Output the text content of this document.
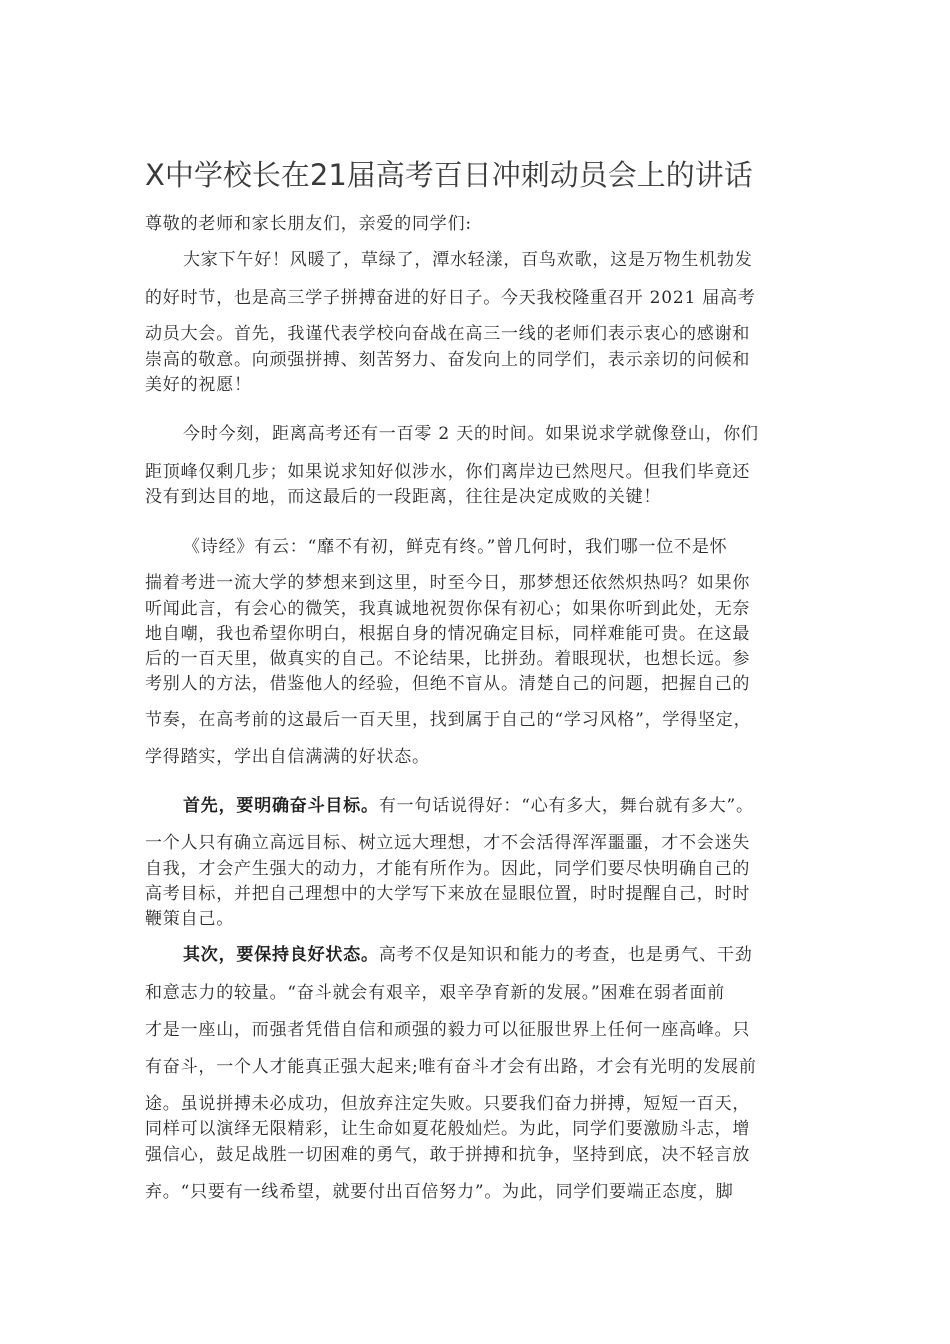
X中学校长在21届高考百日冲刺动员会上的讲话
尊敬的老师和家长朋友们，亲爱的同学们:
大家下午好！风暖了，草绿了，潭水轻漾，百鸟欢歌，这是万物生机勃发
的好时节，也是高三学子拼搏奋进的好日子。今天我校隆重召开 2021 届高考
动员大会。首先，我谨代表学校向奋战在高三一线的老师们表示衷心的感谢和
崇高的敬意。向顽强拼搏、刻苦努力、奋发向上的同学们，表示亲切的问候和
美好的祝愿！
今时今刻，距离高考还有一百零 2 天的时间。如果说求学就像登山，你们
距顶峰仅剩几步；如果说求知好似涉水，你们离岸边已然咫尺。但我们毕竟还
没有到达目的地，而这最后的一段距离，往往是决定成败的关键！
《诗经》有云：“靡不有初，鲜克有终。”曾几何时，我们哪一位不是怀
揣着考进一流大学的梦想来到这里，时至今日，那梦想还依然炽热吗？如果你
听闻此言，有会心的微笑，我真诚地祝贺你保有初心；如果你听到此处，无奈
地自嘲，我也希望你明白，根据自身的情况确定目标，同样难能可贵。在这最
后的一百天里，做真实的自己。不论结果，比拼劲。着眼现状，也想长远。参
考别人的方法，借鉴他人的经验，但绝不盲从。清楚自己的问题，把握自己的
节奏，在高考前的这最后一百天里，找到属于自己的“学习风格”，学得坚定，
学得踏实，学出自信满满的好状态。
首先，要明确奋斗目标。有一句话说得好：“心有多大，舞台就有多大”。
一个人只有确立高远目标、树立远大理想，才不会活得浑浑噩噩，才不会迷失
自我，才会产生强大的动力，才能有所作为。因此，同学们要尽快明确自己的
高考目标，并把自己理想中的大学写下来放在显眼位置，时时提醒自己，时时
鞭策自己。
其次，要保持良好状态。高考不仅是知识和能力的考查，也是勇气、干劲
和意志力的较量。“奋斗就会有艰辛，艰辛孕育新的发展。”困难在弱者面前
才是一座山，而强者凭借自信和顽强的毅力可以征服世界上任何一座高峰。只
有奋斗，一个人才能真正强大起来;唯有奋斗才会有出路，才会有光明的发展前
途。虽说拼搏未必成功，但放弃注定失败。只要我们奋力拼搏，短短一百天，
同样可以演绎无限精彩，让生命如夏花般灿烂。为此，同学们要激励斗志，增
强信心，鼓足战胜一切困难的勇气，敢于拼搏和抗争，坚持到底，决不轻言放
弃。“只要有一线希望，就要付出百倍努力”。为此，同学们要端正态度，脚
